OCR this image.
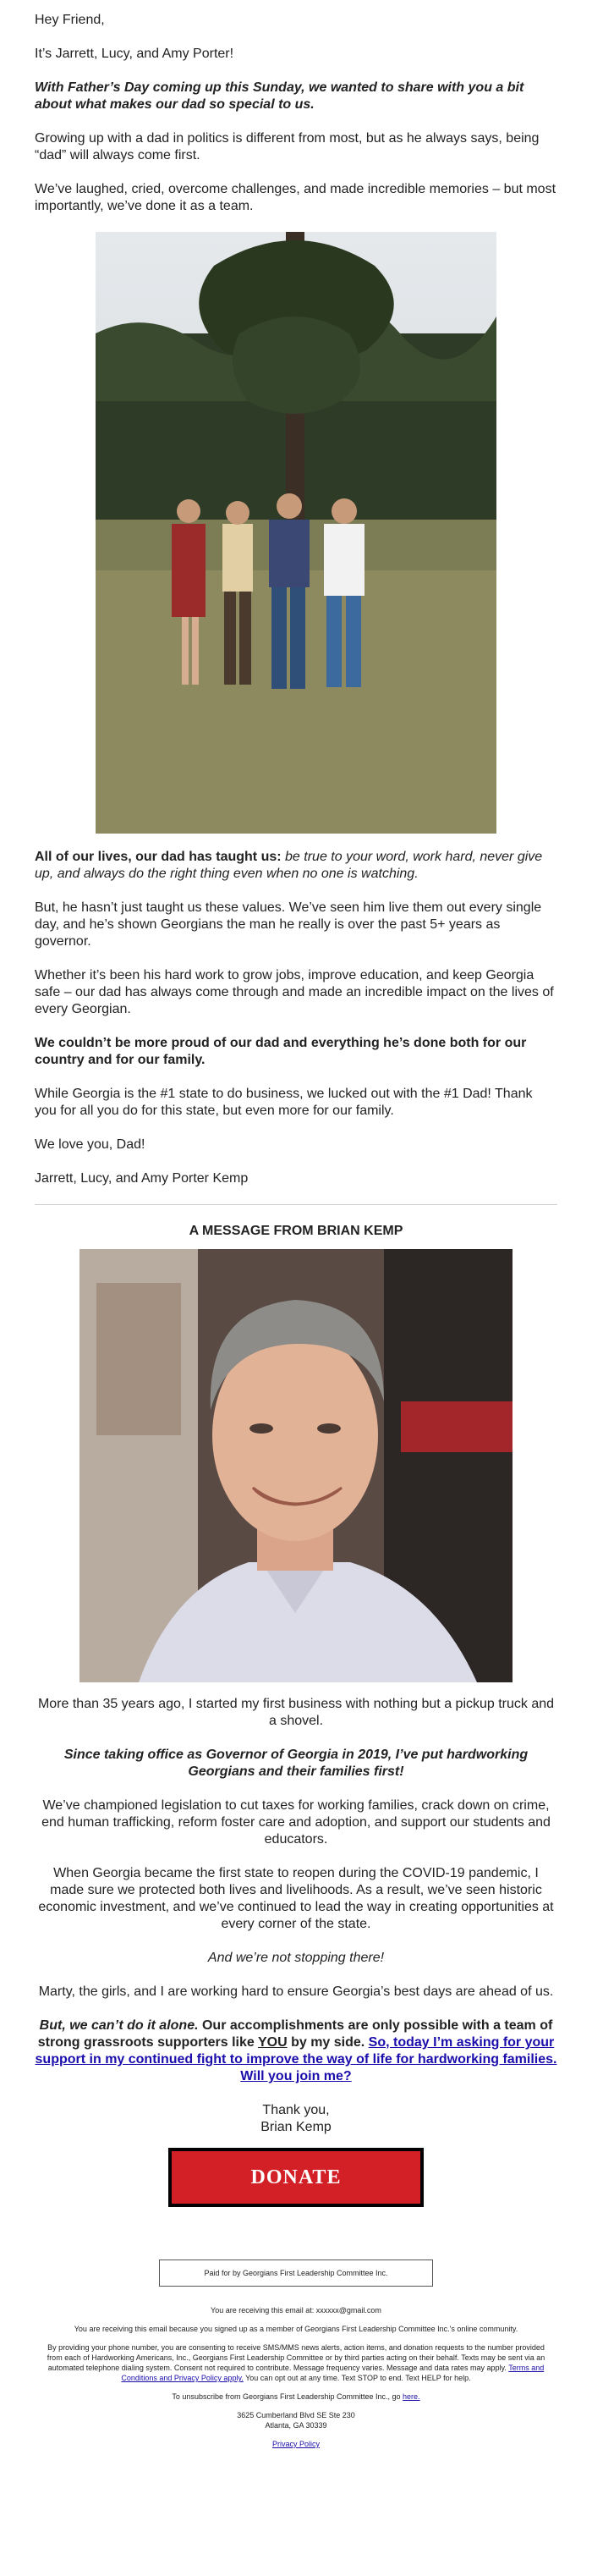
Hey Friend,

It’s Jarrett, Lucy, and Amy Porter!

With Father’s Day coming up this Sunday, we wanted to share with you a bit about what makes our dad so special to us.

Growing up with a dad in politics is different from most, but as he always says, being “dad” will always come first.

We’ve laughed, cried, overcome challenges, and made incredible memories – but most importantly, we’ve done it as a team.

All of our lives, our dad has taught us: be true to your word, work hard, never give up, and always do the right thing even when no one is watching.

But, he hasn’t just taught us these values. We’ve seen him live them out every single day, and he’s shown Georgians the man he really is over the past 5+ years as governor.

Whether it’s been his hard work to grow jobs, improve education, and keep Georgia safe – our dad has always come through and made an incredible impact on the lives of every Georgian.

We couldn’t be more proud of our dad and everything he’s done both for our country and for our family.

While Georgia is the #1 state to do business, we lucked out with the #1 Dad! Thank you for all you do for this state, but even more for our family.

We love you, Dad!

Jarrett, Lucy, and Amy Porter Kemp

A MESSAGE FROM BRIAN KEMP

More than 35 years ago, I started my first business with nothing but a pickup truck and a shovel.

Since taking office as Governor of Georgia in 2019, I’ve put hardworking Georgians and their families first!

We’ve championed legislation to cut taxes for working families, crack down on crime, end human trafficking, reform foster care and adoption, and support our students and educators.

When Georgia became the first state to reopen during the COVID-19 pandemic, I made sure we protected both lives and livelihoods. As a result, we’ve seen historic economic investment, and we’ve continued to lead the way in creating opportunities at every corner of the state.

And we’re not stopping there!

Marty, the girls, and I are working hard to ensure Georgia’s best days are ahead of us.

But, we can’t do it alone. Our accomplishments are only possible with a team of strong grassroots supporters like YOU by my side. So, today I’m asking for your support in my continued fight to improve the way of life for hardworking families. Will you join me?

Thank you,
Brian Kemp

DONATE
Paid for by Georgians First Leadership Committee Inc.

You are receiving this email at: xxxxxx@gmail.com

You are receiving this email because you signed up as a member of Georgians First Leadership Committee Inc.'s online community.

By providing your phone number, you are consenting to receive SMS/MMS news alerts, action items, and donation requests to the number provided from each of Hardworking Americans, Inc., Georgians First Leadership Committee or by third parties acting on their behalf. Texts may be sent via an automated telephone dialing system. Consent not required to contribute. Message frequency varies. Message and data rates may apply. Terms and Conditions and Privacy Policy apply. You can opt out at any time. Text STOP to end. Text HELP for help.

To unsubscribe from Georgians First Leadership Committee Inc., go here.

3625 Cumberland Blvd SE Ste 230
Atlanta, GA 30339

Privacy Policy
